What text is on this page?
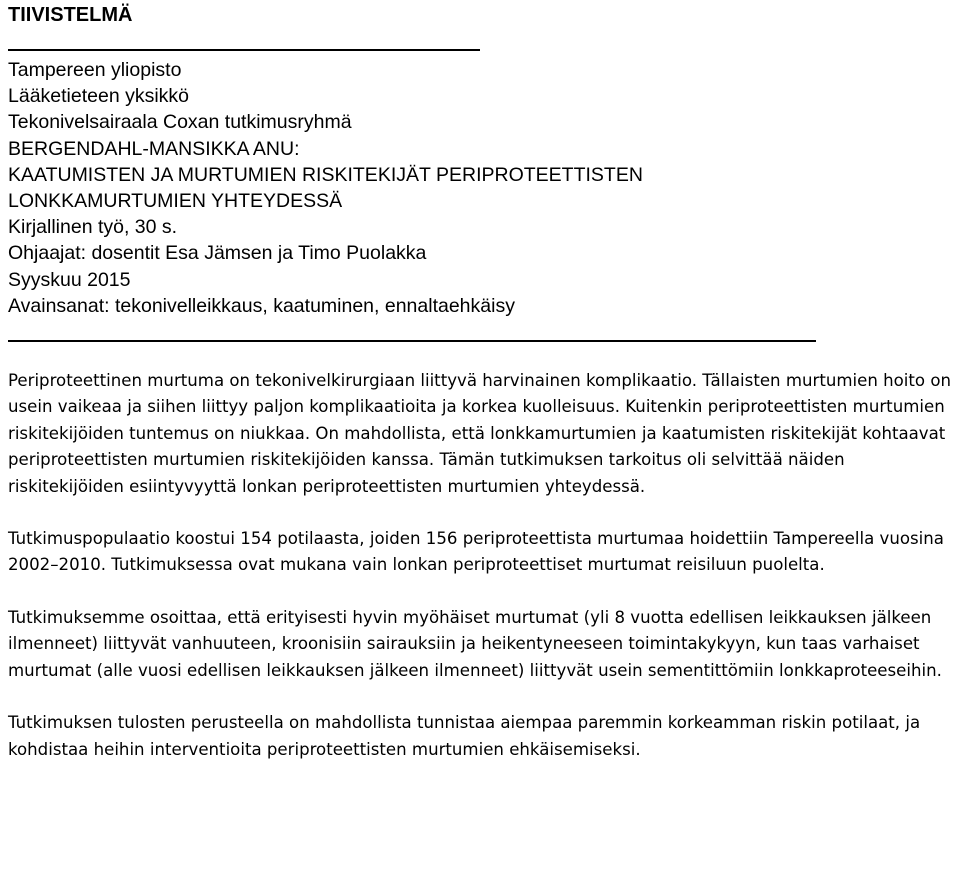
TIIVISTELMÄ
Tampereen yliopisto
Lääketieteen yksikkö
Tekonivelsairaala Coxan tutkimusryhmä
BERGENDAHL-MANSIKKA ANU:
KAATUMISTEN JA MURTUMIEN RISKITEKIJÄT PERIPROTEETTISTEN
LONKKAMURTUMIEN YHTEYDESSÄ
Kirjallinen työ, 30 s.
Ohjaajat: dosentit Esa Jämsen ja Timo Puolakka
Syyskuu 2015
Avainsanat: tekonivelleikkaus, kaatuminen, ennaltaehkäisy

Periproteettinen murtuma on tekonivelkirurgiaan liittyvä harvinainen komplikaatio. Tällaisten murtumien hoito on usein vaikeaa ja siihen liittyy paljon komplikaatioita ja korkea kuolleisuus. Kuitenkin periproteettisten murtumien riskitekijöiden tuntemus on niukkaa. On mahdollista, että lonkkamurtumien ja kaatumisten riskitekijät kohtaavat periproteettisten murtumien riskitekijöiden kanssa. Tämän tutkimuksen tarkoitus oli selvittää näiden riskitekijöiden esiintyvyyttä lonkan periproteettisten murtumien yhteydessä.

Tutkimuspopulaatio koostui 154 potilaasta, joiden 156 periproteettista murtumaa hoidettiin Tampereella vuosina 2002–2010. Tutkimuksessa ovat mukana vain lonkan periproteettiset murtumat reisiluun puolelta.

Tutkimuksemme osoittaa, että erityisesti hyvin myöhäiset murtumat (yli 8 vuotta edellisen leikkauksen jälkeen ilmenneet) liittyvät vanhuuteen, kroonisiin sairauksiin ja heikentyneeseen toimintakykyyn, kun taas varhaiset murtumat (alle vuosi edellisen leikkauksen jälkeen ilmenneet) liittyvät usein sementittömiin lonkkaproteeseihin.

Tutkimuksen tulosten perusteella on mahdollista tunnistaa aiempaa paremmin korkeamman riskin potilaat, ja kohdistaa heihin interventioita periproteettisten murtumien ehkäisemiseksi.
